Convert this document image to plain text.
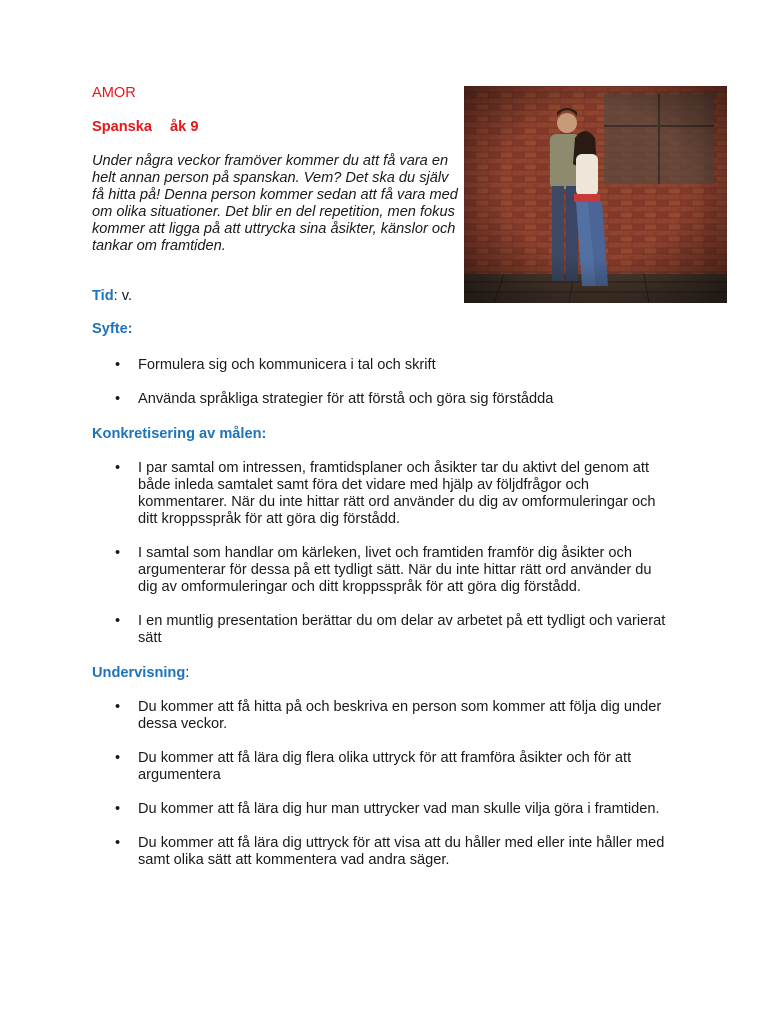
AMOR

Spanska åk 9

Under några veckor framöver kommer du att få vara en helt annan person på spanskan. Vem? Det ska du själv få hitta på! Denna person kommer sedan att få vara med om olika situationer. Det blir en del repetition, men fokus kommer att ligga på att uttrycka sina åsikter, känslor och tankar om framtiden.

Tid: v.

Syfte:

• Formulera sig och kommunicera i tal och skrift
• Använda språkliga strategier för att förstå och göra sig förstådda

Konkretisering av målen:

• I par samtal om intressen, framtidsplaner och åsikter tar du aktivt del genom att både inleda samtalet samt föra det vidare med hjälp av följdfrågor och kommentarer. När du inte hittar rätt ord använder du dig av omformuleringar och ditt kroppsspråk för att göra dig förstådd.
• I samtal som handlar om kärleken, livet och framtiden framför dig åsikter och argumenterar för dessa på ett tydligt sätt. När du inte hittar rätt ord använder du dig av omformuleringar och ditt kroppsspråk för att göra dig förstådd.
• I en muntlig presentation berättar du om delar av arbetet på ett tydligt och varierat sätt

Undervisning:

• Du kommer att få hitta på och beskriva en person som kommer att följa dig under dessa veckor.
• Du kommer att få lära dig flera olika uttryck för att framföra åsikter och för att argumentera
• Du kommer att få lära dig hur man uttrycker vad man skulle vilja göra i framtiden.
• Du kommer att få lära dig uttryck för att visa att du håller med eller inte håller med samt olika sätt att kommentera vad andra säger.
